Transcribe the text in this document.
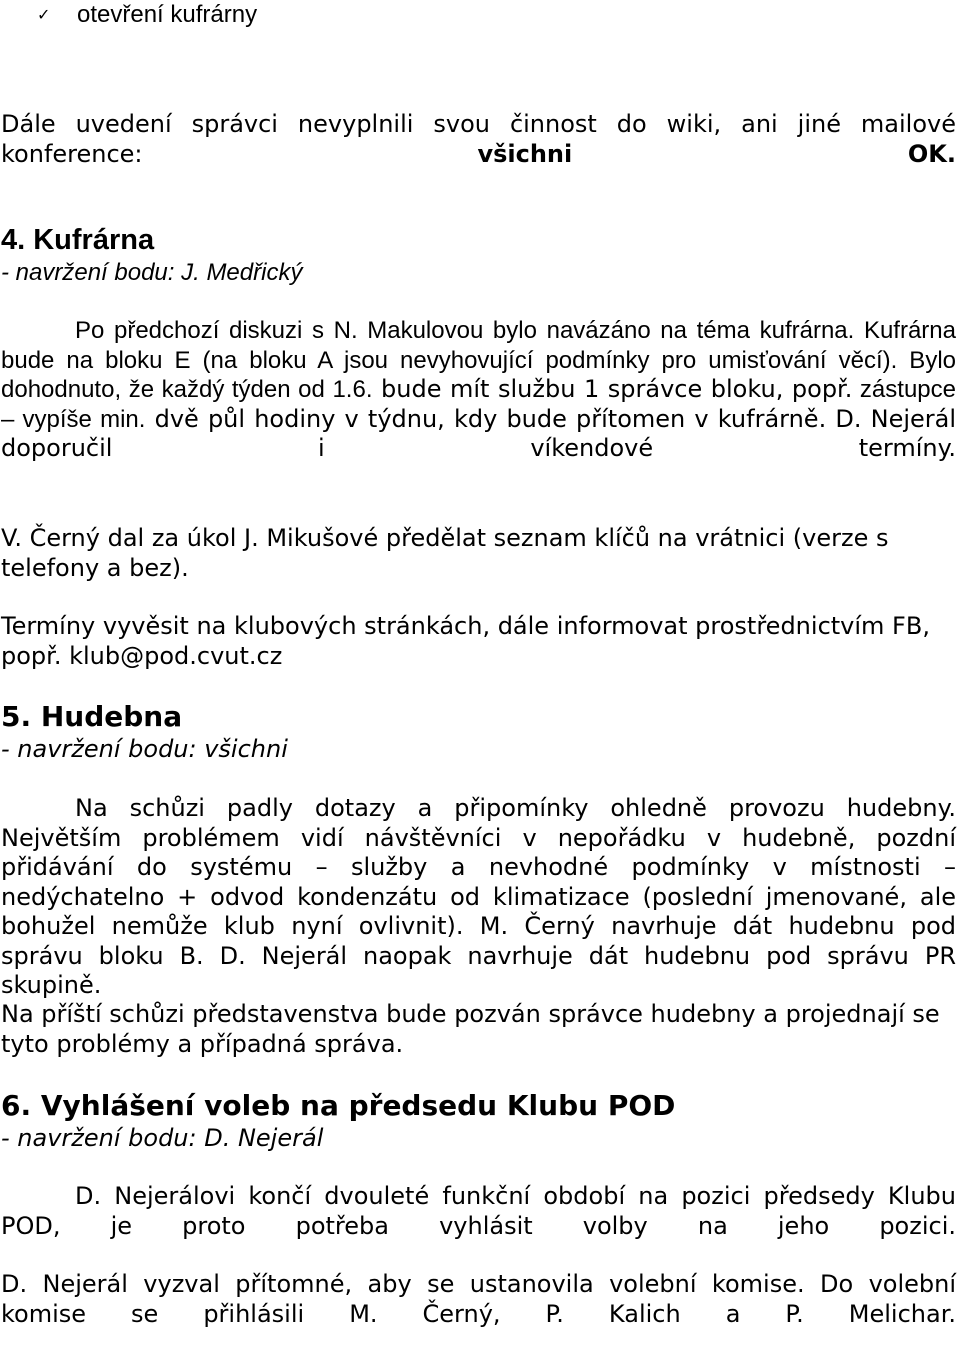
✓ otevření kufrárny

Dále uvedení správci nevyplnili svou činnost do wiki, ani jiné mailové konference: všichni OK.

4. Kufrárna
- navržení bodu: J. Medřický

Po předchozí diskuzi s N. Makulovou bylo navázáno na téma kufrárna. Kufrárna bude na bloku E (na bloku A jsou nevyhovující podmínky pro umisťování věcí). Bylo dohodnuto, že každý týden od 1.6. bude mít službu 1 správce bloku, popř. zástupce – vypíše min. dvě půl hodiny v týdnu, kdy bude přítomen v kufrárně. D. Nejerál doporučil i víkendové termíny.

V. Černý dal za úkol J. Mikušové předělat seznam klíčů na vrátnici (verze s telefony a bez).

Termíny vyvěsit na klubových stránkách, dále informovat prostřednictvím FB, popř. klub@pod.cvut.cz

5. Hudebna
- navržení bodu: všichni

Na schůzi padly dotazy a připomínky ohledně provozu hudebny. Největším problémem vidí návštěvníci v nepořádku v hudebně, pozdní přidávání do systému – služby a nevhodné podmínky v místnosti – nedýchatelno + odvod kondenzátu od klimatizace (poslední jmenované, ale bohužel nemůže klub nyní ovlivnit). M. Černý navrhuje dát hudebnu pod správu bloku B. D. Nejerál naopak navrhuje dát hudebnu pod správu PR skupině.

Na příští schůzi představenstva bude pozván správce hudebny a projednají se tyto problémy a případná správa.

6. Vyhlášení voleb na předsedu Klubu POD
- navržení bodu: D. Nejerál

D. Nejerálovi končí dvouleté funkční období na pozici předsedy Klubu POD, je proto potřeba vyhlásit volby na jeho pozici.

D. Nejerál vyzval přítomné, aby se ustanovila volební komise. Do volební komise se přihlásili M. Černý, P. Kalich a P. Melichar.
